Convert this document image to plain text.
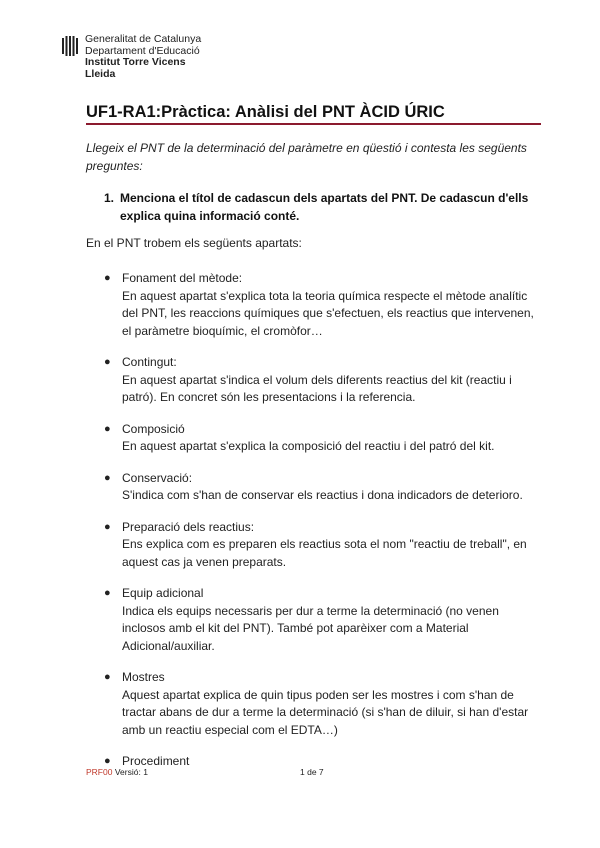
Generalitat de Catalunya
Departament d'Educació
Institut Torre Vicens
Lleida
UF1-RA1:Pràctica: Anàlisi del PNT ÀCID ÚRIC
Llegeix el PNT de la determinació del paràmetre en qüestió i contesta les següents preguntes:
1. Menciona el títol de cadascun dels apartats del PNT. De cadascun d'ells explica quina informació conté.
En el PNT trobem els següents apartats:
● Fonament del mètode:
En aquest apartat s'explica tota la teoria química respecte el mètode analític del PNT, les reaccions químiques que s'efectuen, els reactius que intervenen, el paràmetre bioquímic, el cromòfor…
● Contingut:
En aquest apartat s'indica el volum dels diferents reactius del kit (reactiu i patró). En concret són les presentacions i la referencia.
● Composició
En aquest apartat s'explica la composició del reactiu i del patró del kit.
● Conservació:
S'indica com s'han de conservar els reactius i dona indicadors de deterioro.
● Preparació dels reactius:
Ens explica com es preparen els reactius sota el nom "reactiu de treball", en aquest cas ja venen preparats.
● Equip adicional
Indica els equips necessaris per dur a terme la determinació (no venen inclosos amb el kit del PNT). També pot aparèixer com a Material Adicional/auxiliar.
● Mostres
Aquest apartat explica de quin tipus poden ser les mostres i com s'han de tractar abans de dur a terme la determinació (si s'han de diluir, si han d'estar amb un reactiu especial com el EDTA…)
● Procediment
PRF00 Versió: 1	1 de 7
